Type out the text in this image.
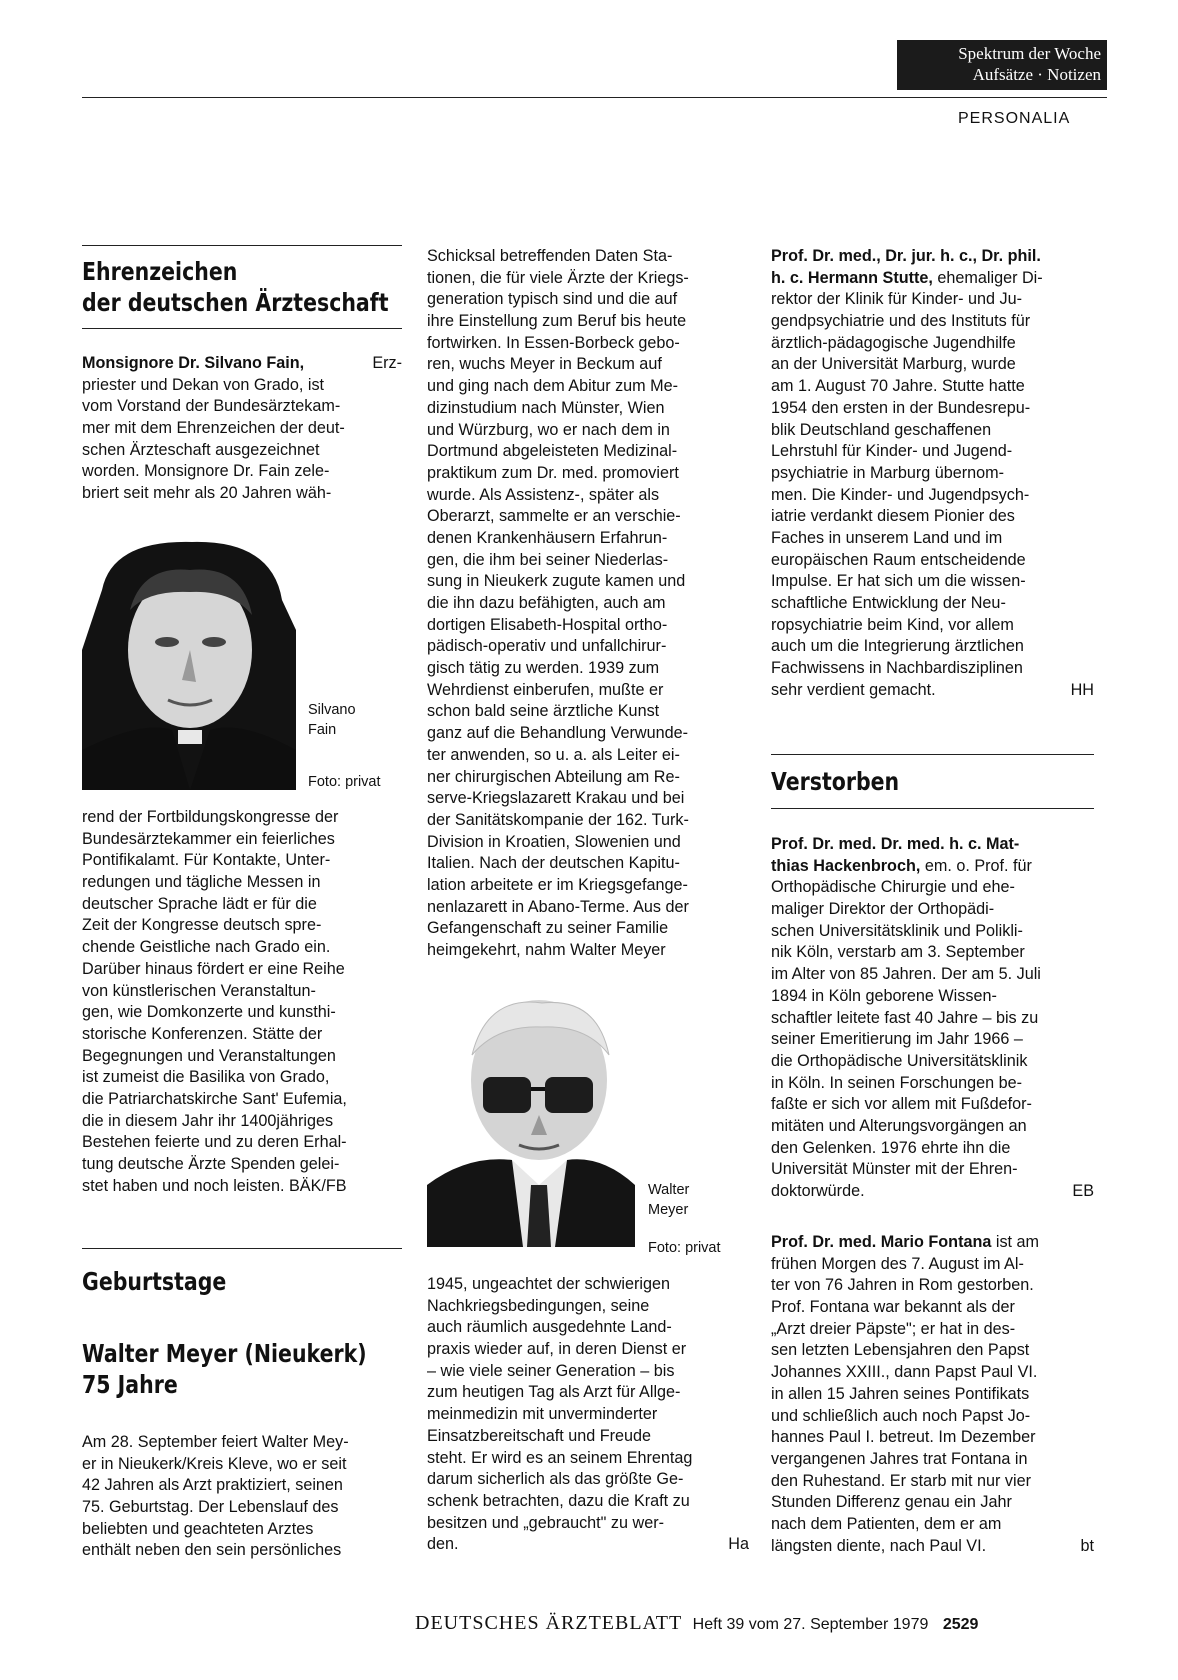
Spektrum der Woche
Aufsätze · Notizen
PERSONALIA
Ehrenzeichen
der deutschen Ärzteschaft
Monsignore Dr. Silvano Fain,	Erz-
priester und Dekan von Grado, ist
vom Vorstand der Bundesärztekam-
mer mit dem Ehrenzeichen der deut-
schen Ärzteschaft ausgezeichnet
worden. Monsignore Dr. Fain zele-
briert seit mehr als 20 Jahren wäh-
Silvano
Fain
Foto: privat
rend der Fortbildungskongresse der
Bundesärztekammer ein feierliches
Pontifikalamt. Für Kontakte, Unter-
redungen und tägliche Messen in
deutscher Sprache lädt er für die
Zeit der Kongresse deutsch spre-
chende Geistliche nach Grado ein.
Darüber hinaus fördert er eine Reihe
von künstlerischen Veranstaltun-
gen, wie Domkonzerte und kunsthi-
storische Konferenzen. Stätte der
Begegnungen und Veranstaltungen
ist zumeist die Basilika von Grado,
die Patriarchatskirche Sant' Eufemia,
die in diesem Jahr ihr 1400jähriges
Bestehen feierte und zu deren Erhal-
tung deutsche Ärzte Spenden gelei-
stet haben und noch leisten. BÄK/FB
Geburtstage
Walter Meyer (Nieukerk)
75 Jahre
Am 28. September feiert Walter Mey-
er in Nieukerk/Kreis Kleve, wo er seit
42 Jahren als Arzt praktiziert, seinen
75. Geburtstag. Der Lebenslauf des
beliebten und geachteten Arztes
enthält neben den sein persönliches
Schicksal betreffenden Daten Sta-
tionen, die für viele Ärzte der Kriegs-
generation typisch sind und die auf
ihre Einstellung zum Beruf bis heute
fortwirken. In Essen-Borbeck gebo-
ren, wuchs Meyer in Beckum auf
und ging nach dem Abitur zum Me-
dizinstudium nach Münster, Wien
und Würzburg, wo er nach dem in
Dortmund abgeleisteten Medizinal-
praktikum zum Dr. med. promoviert
wurde. Als Assistenz-, später als
Oberarzt, sammelte er an verschie-
denen Krankenhäusern Erfahrun-
gen, die ihm bei seiner Niederlas-
sung in Nieukerk zugute kamen und
die ihn dazu befähigten, auch am
dortigen Elisabeth-Hospital ortho-
pädisch-operativ und unfallchirur-
gisch tätig zu werden. 1939 zum
Wehrdienst einberufen, mußte er
schon bald seine ärztliche Kunst
ganz auf die Behandlung Verwunde-
ter anwenden, so u. a. als Leiter ei-
ner chirurgischen Abteilung am Re-
serve-Kriegslazarett Krakau und bei
der Sanitätskompanie der 162. Turk-
Division in Kroatien, Slowenien und
Italien. Nach der deutschen Kapitu-
lation arbeitete er im Kriegsgefange-
nenlazarett in Abano-Terme. Aus der
Gefangenschaft zu seiner Familie
heimgekehrt, nahm Walter Meyer
Walter
Meyer
Foto: privat
1945, ungeachtet der schwierigen
Nachkriegsbedingungen, seine
auch räumlich ausgedehnte Land-
praxis wieder auf, in deren Dienst er
– wie viele seiner Generation – bis
zum heutigen Tag als Arzt für Allge-
meinmedizin mit unverminderter
Einsatzbereitschaft und Freude
steht. Er wird es an seinem Ehrentag
darum sicherlich als das größte Ge-
schenk betrachten, dazu die Kraft zu
besitzen und „gebraucht" zu wer-
den.	Ha
Prof. Dr. med., Dr. jur. h. c., Dr. phil.
h. c. Hermann Stutte, ehemaliger Di-
rektor der Klinik für Kinder- und Ju-
gendpsychiatrie und des Instituts für
ärztlich-pädagogische Jugendhilfe
an der Universität Marburg, wurde
am 1. August 70 Jahre. Stutte hatte
1954 den ersten in der Bundesrepu-
blik Deutschland geschaffenen
Lehrstuhl für Kinder- und Jugend-
psychiatrie in Marburg übernom-
men. Die Kinder- und Jugendpsych-
iatrie verdankt diesem Pionier des
Faches in unserem Land und im
europäischen Raum entscheidende
Impulse. Er hat sich um die wissen-
schaftliche Entwicklung der Neu-
ropsychiatrie beim Kind, vor allem
auch um die Integrierung ärztlichen
Fachwissens in Nachbardisziplinen
sehr verdient gemacht.	HH
Verstorben
Prof. Dr. med. Dr. med. h. c. Mat-
thias Hackenbroch, em. o. Prof. für
Orthopädische Chirurgie und ehe-
maliger Direktor der Orthopädi-
schen Universitätsklinik und Polikli-
nik Köln, verstarb am 3. September
im Alter von 85 Jahren. Der am 5. Juli
1894 in Köln geborene Wissen-
schaftler leitete fast 40 Jahre – bis zu
seiner Emeritierung im Jahr 1966 –
die Orthopädische Universitätsklinik
in Köln. In seinen Forschungen be-
faßte er sich vor allem mit Fußdefor-
mitäten und Alterungsvorgängen an
den Gelenken. 1976 ehrte ihn die
Universität Münster mit der Ehren-
doktorwürde.	EB
Prof. Dr. med. Mario Fontana ist am
frühen Morgen des 7. August im Al-
ter von 76 Jahren in Rom gestorben.
Prof. Fontana war bekannt als der
„Arzt dreier Päpste"; er hat in des-
sen letzten Lebensjahren den Papst
Johannes XXIII., dann Papst Paul VI.
in allen 15 Jahren seines Pontifikats
und schließlich auch noch Papst Jo-
hannes Paul I. betreut. Im Dezember
vergangenen Jahres trat Fontana in
den Ruhestand. Er starb mit nur vier
Stunden Differenz genau ein Jahr
nach dem Patienten, dem er am
längsten diente, nach Paul VI.	bt
DEUTSCHES ÄRZTEBLATT Heft 39 vom 27. September 1979 2529
